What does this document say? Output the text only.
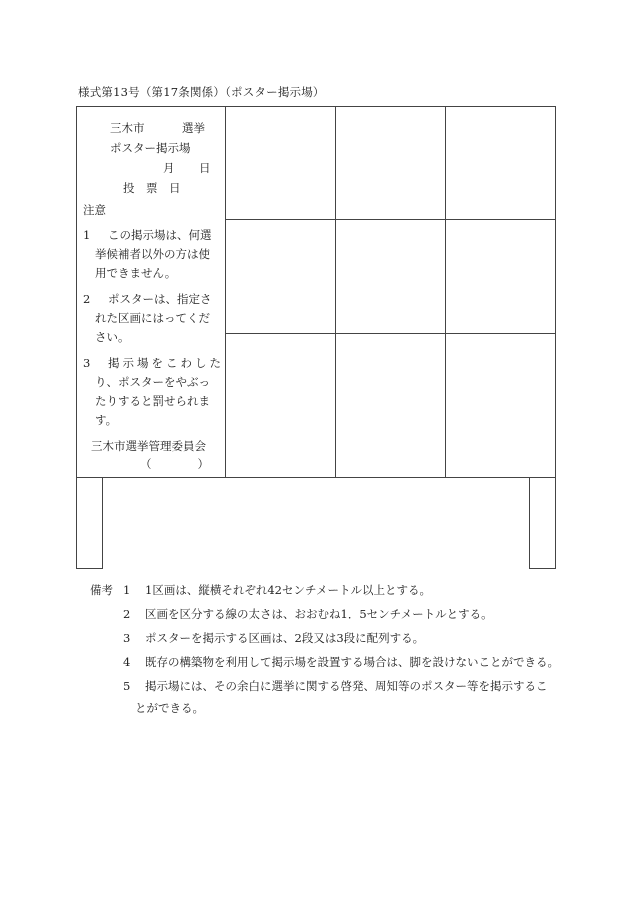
様式第13号（第17条関係）（ポスター掲示場）
三木市	選挙
ポスター掲示場
月 日
投　票　日
注意
1 この掲示場は、何選
挙候補者以外の方は使
用できません。
2 ポスターは、指定さ
れた区画にはってくだ
さい。
3 掲示場をこわした
り、ポスターをやぶっ
たりすると罰せられま
す。
三木市選挙管理委員会
（　　　　）
備考 1 1区画は、縦横それぞれ42センチメートル以上とする。
2 区画を区分する線の太さは、おおむね1．5センチメートルとする。
3 ポスターを掲示する区画は、2段又は3段に配列する。
4 既存の構築物を利用して掲示場を設置する場合は、脚を設けないことができる。
5 掲示場には、その余白に選挙に関する啓発、周知等のポスター等を掲示するこ
とができる。
